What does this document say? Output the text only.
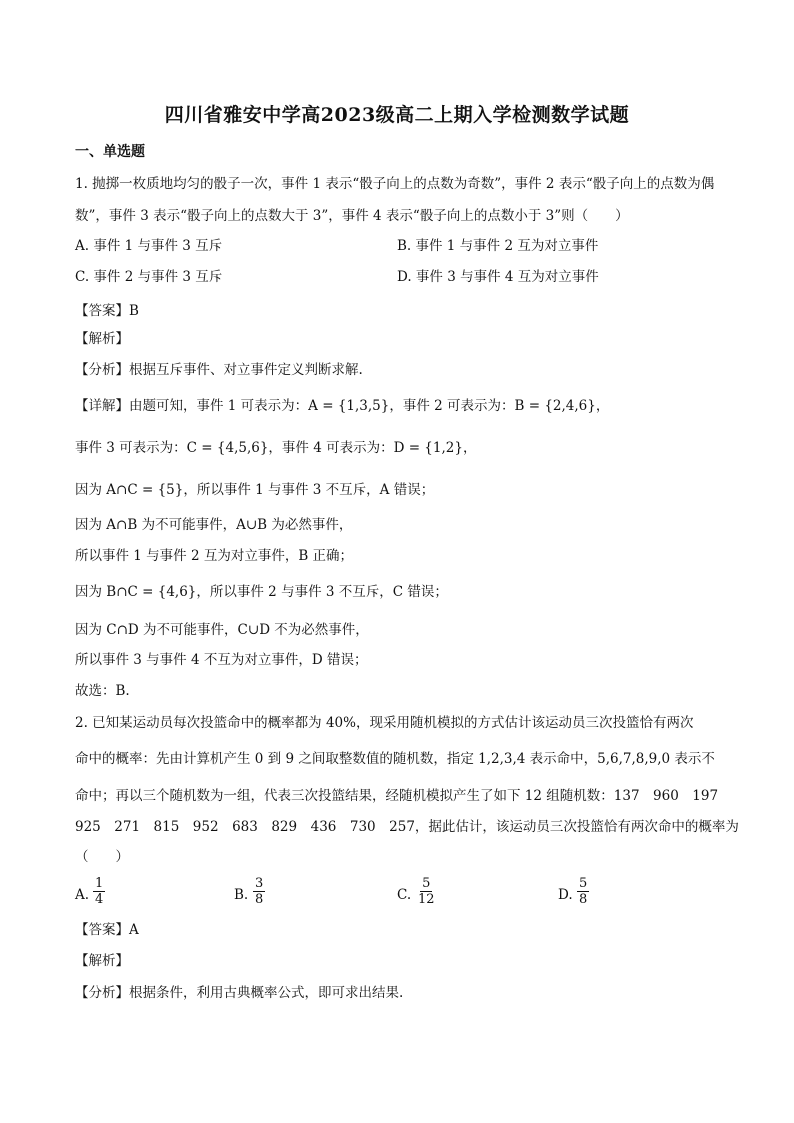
四川省雅安中学高2023级高二上期入学检测数学试题
一、单选题
1. 抛掷一枚质地均匀的骰子一次，事件 1 表示“骰子向上的点数为奇数”，事件 2 表示“骰子向上的点数为偶
数”，事件 3 表示“骰子向上的点数大于 3”，事件 4 表示“骰子向上的点数小于 3”则（　　）
A. 事件 1 与事件 3 互斥	B. 事件 1 与事件 2 互为对立事件
C. 事件 2 与事件 3 互斥	D. 事件 3 与事件 4 互为对立事件
【答案】B
【解析】
【分析】根据互斥事件、对立事件定义判断求解.
【详解】由题可知，事件 1 可表示为：A = {1,3,5}，事件 2 可表示为：B = {2,4,6}，
事件 3 可表示为：C = {4,5,6}，事件 4 可表示为：D = {1,2}，
因为 A∩C = {5}，所以事件 1 与事件 3 不互斥，A 错误；
因为 A∩B 为不可能事件，A∪B 为必然事件，
所以事件 1 与事件 2 互为对立事件，B 正确；
因为 B∩C = {4,6}，所以事件 2 与事件 3 不互斥，C 错误；
因为 C∩D 为不可能事件，C∪D 不为必然事件，
所以事件 3 与事件 4 不互为对立事件，D 错误；
故选：B.
2. 已知某运动员每次投篮命中的概率都为 40%，现采用随机模拟的方式估计该运动员三次投篮恰有两次
命中的概率：先由计算机产生 0 到 9 之间取整数值的随机数，指定 1,2,3,4 表示命中，5,6,7,8,9,0 表示不
命中；再以三个随机数为一组，代表三次投篮结果，经随机模拟产生了如下 12 组随机数：137　960　197
925　271　815　952　683　829　436　730　257，据此估计，该运动员三次投篮恰有两次命中的概率为
（　　）
A. $\frac{1}{4}$	B. $\frac{3}{8}$	C. $\frac{5}{12}$	D. $\frac{5}{8}$
【答案】A
【解析】
【分析】根据条件，利用古典概率公式，即可求出结果.
